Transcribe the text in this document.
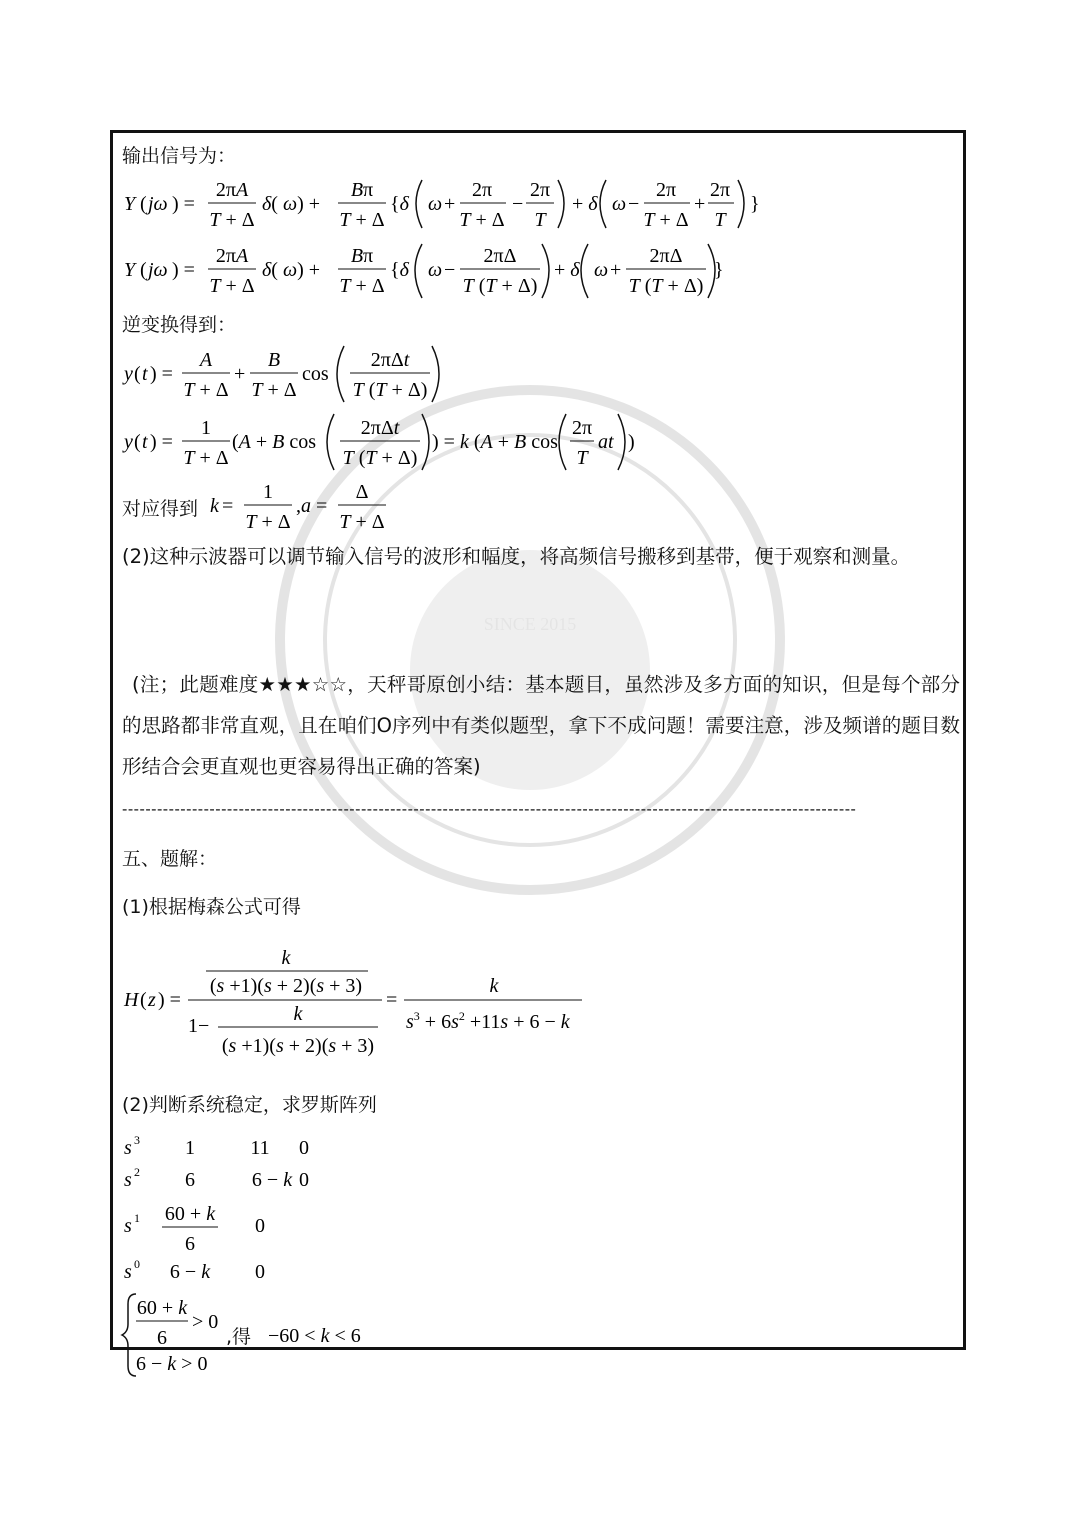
SINCE 2015
输出信号为：
Y ( jω ) =
2πA
T + Δ
δ( ω) +
Bπ
T + Δ
{δ ω +
2π
T + Δ
−
2π
T
+ δ ω −
2π
T + Δ
+
2π
T
}
Y ( jω ) =
2πA
T + Δ
δ( ω) +
Bπ
T + Δ
{δ ω −
2πΔ
T (T + Δ)
+ δ ω +
2πΔ
T (T + Δ)
}
逆变换得到：
y ( t ) =
A
T + Δ
+
B
T + Δ
cos
2πΔt
T (T + Δ)
y ( t ) =
1
T + Δ
(A + B cos
2πΔt
T (T + Δ)
) = k (A + B cos
2π
T
at )
对应得到 k =
1
T + Δ
,a =
Δ
T + Δ
(2)这种示波器可以调节输入信号的波形和幅度，将高频信号搬移到基带，便于观察和测量。
(注；此题难度★★★☆☆，天秤哥原创小结：基本题目，虽然涉及多方面的知识，但是每个部分的思路都非常直观，且在咱们O序列中有类似题型，拿下不成问题！需要注意，涉及频谱的题目数形结合会更直观也更容易得出正确的答案)
------------------------------------------------------------------------------------------------------------------------------
五、题解：
(1)根据梅森公式可得
H ( z ) =
k
(s +1)(s + 2)(s + 3)
1−
k
(s +1)(s + 2)(s + 3)
=
k
$s^3 + 6s^2 +11s + 6 - k$
(2)判断系统稳定，求罗斯阵列
s 3 1	11 0
s 2 6	6 − k 0
s 1 60 + k
6
0
s 0 6 − k 0
60 + k
6
> 0
6 − k > 0
,得 −60 < k < 6
